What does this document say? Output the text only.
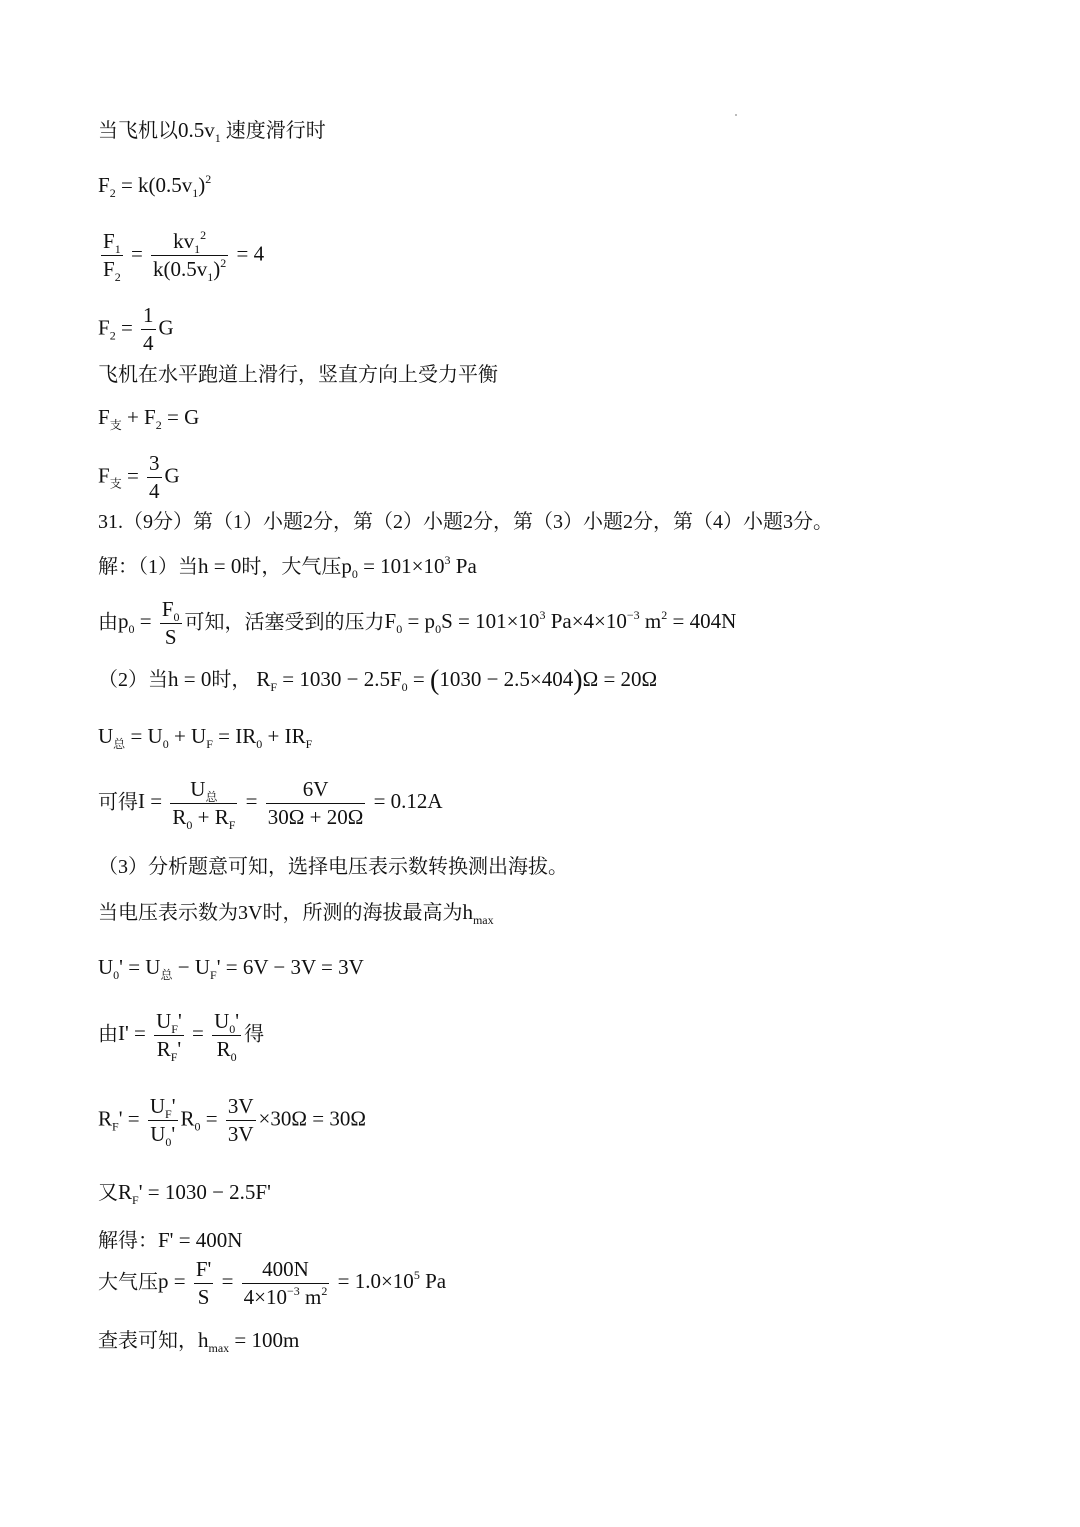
当飞机以$0.5v_1$ 速度滑行时
$F_2 = k(0.5v_1)^2$
$\frac{F_1}{F_2} = \frac{kv_1^2}{k(0.5v_1)^2} = 4$
$F_2 = \frac{1}{4}$ G
飞机在水平跑道上滑行，竖直方向上受力平衡
$F_支 + F_2 = G$
$F_支 = \frac{3}{4}$ G
31.（9分）第（1）小题2分，第（2）小题2分，第（3）小题2分，第（4）小题3分。
解：（1）当h = 0时，大气压$p_0 = 101\times 10^3$ Pa
由$p_0 = \frac{F_0}{S}$ 可知，活塞受到的压力$F_0 = p_0S = 101\times 10^3$ $Pa\times 4\times 10^{-3}$ $m^2 = 404N$
（2）当h = 0时， $R_F = 1030 - 2.5F_0 = (1030 - 2.5\times 404)\Omega = 20\Omega$
$U_总 = U_0 + U_F = IR_0 + IR_F$
可得$I = \frac{U_总}{R_0 + R_F} = \frac{6V}{30\Omega + 20\Omega} = 0.12A$
（3）分析题意可知，选择电压表示数转换测出海拔。
当电压表示数为3V时，所测的海拔最高为$h_{max}$
$U_0' = U_总 - U_F' = 6V - 3V = 3V$
由$I' = \frac{U_F'}{R_F'} = \frac{U_0'}{R_0}$ 得
$R_F' = \frac{U_F'}{U_0'} R_0 = \frac{3V}{3V} \times 30\Omega = 30\Omega$
又$R_F' = 1030 - 2.5F'$
解得：F' = 400N
大气压$p = \frac{F'}{S} = \frac{400N}{4\times 10^{-3} m^2} = 1.0\times 10^5$ Pa
查表可知，$h_{max} = 100m$
